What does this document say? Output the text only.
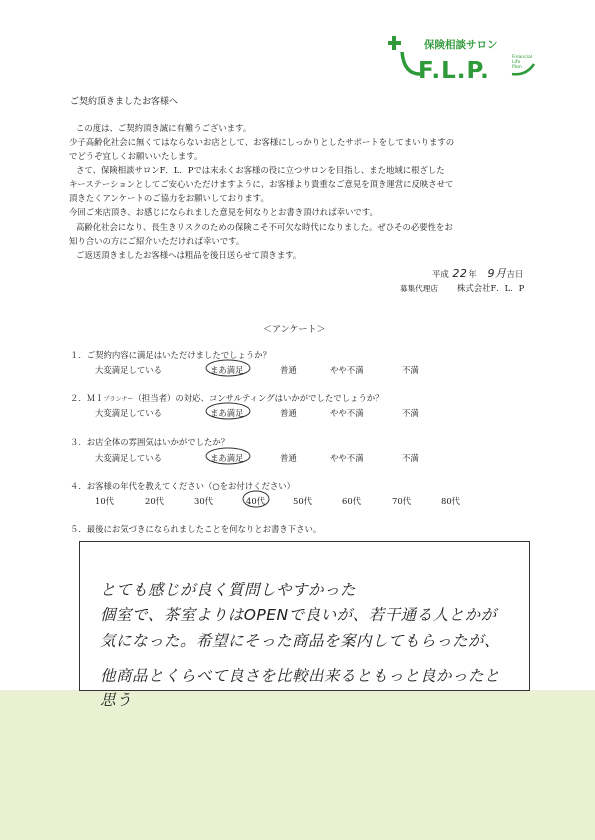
保険相談サロン
F.L.P.
Financial
Life
Plan
ご契約頂きましたお客様へ
この度は、ご契約頂き誠に有難うございます。
少子高齢化社会に無くてはならないお店として、お客様にしっかりとしたサポートをしてまいりますの
でどうぞ宜しくお願いいたします。
さて、保険相談サロンF．L．Pでは末永くお客様の役に立つサロンを目指し、また地域に根ざした
キーステーションとしてご安心いただけますように、お客様より貴重なご意見を頂き運営に反映させて
頂きたくアンケートのご協力をお願いしております。
今回ご来店頂き、お感じになられました意見を何なりとお書き頂ければ幸いです。
高齢化社会になり、長生きリスクのための保険こそ不可欠な時代になりました。ぜひその必要性をお
知り合いの方にご紹介いただければ幸いです。
ご返送頂きましたお客様へは粗品を後日送らせて頂きます。
平成 22年 9月吉日
募集代理店 株式会社F．L．P
＜アンケート＞
１．ご契約内容に満足はいただけましたでしょうか？
大変満足している	まあ満足	普通	やや不満	不満
２．ＭＩプランナー（担当者）の対応、コンサルティングはいかがでしたでしょうか？
大変満足している	まあ満足	普通	やや不満	不満
３．お店全体の雰囲気はいかがでしたか？
大変満足している	まあ満足	普通	やや不満	不満
４．お客様の年代を教えてください（○をお付けください）
10代	20代	30代	40代	50代	60代	70代	80代
５．最後にお気づきになられましたことを何なりとお書き下さい。
とても感じが良く質問しやすかった
個室で、茶室よりはOPENで良いが、若干通る人とかが
気になった。希望にそった商品を案内してもらったが、
他商品とくらべて良さを比較出来るともっと良かったと
思う
